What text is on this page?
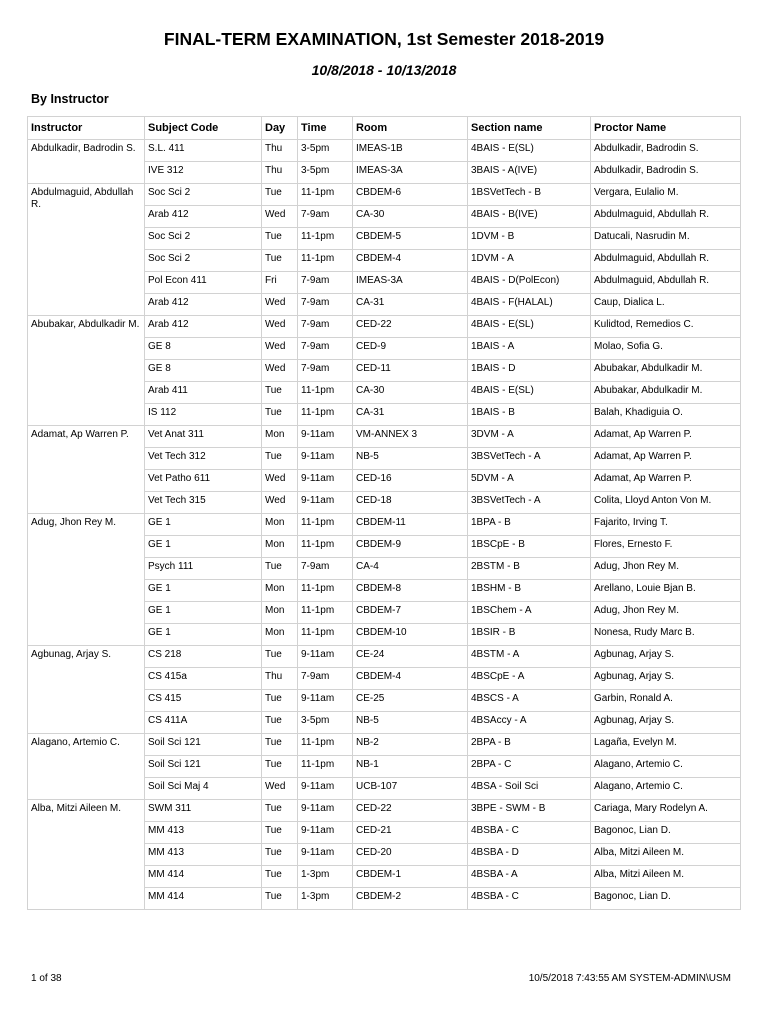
FINAL-TERM EXAMINATION, 1st Semester 2018-2019
10/8/2018 - 10/13/2018
By Instructor
Instructor	Subject Code	Day	Time	Room	Section name	Proctor Name
Abdulkadir, Badrodin S.	S.L. 411	Thu	3-5pm	IMEAS-1B	4BAIS - E(SL)	Abdulkadir, Badrodin S.
	IVE 312	Thu	3-5pm	IMEAS-3A	3BAIS - A(IVE)	Abdulkadir, Badrodin S.
Abdulmaguid, Abdullah R.	Soc Sci 2	Tue	11-1pm	CBDEM-6	1BSVetTech - B	Vergara, Eulalio M.
	Arab 412	Wed	7-9am	CA-30	4BAIS - B(IVE)	Abdulmaguid, Abdullah R.
	Soc Sci 2	Tue	11-1pm	CBDEM-5	1DVM - B	Datucali, Nasrudin M.
	Soc Sci 2	Tue	11-1pm	CBDEM-4	1DVM - A	Abdulmaguid, Abdullah R.
	Pol Econ 411	Fri	7-9am	IMEAS-3A	4BAIS - D(PolEcon)	Abdulmaguid, Abdullah R.
	Arab 412	Wed	7-9am	CA-31	4BAIS - F(HALAL)	Caup, Dialica L.
Abubakar, Abdulkadir M.	Arab 412	Wed	7-9am	CED-22	4BAIS - E(SL)	Kulidtod, Remedios C.
	GE 8	Wed	7-9am	CED-9	1BAIS - A	Molao, Sofia G.
	GE 8	Wed	7-9am	CED-11	1BAIS - D	Abubakar, Abdulkadir M.
	Arab 411	Tue	11-1pm	CA-30	4BAIS - E(SL)	Abubakar, Abdulkadir M.
	IS 112	Tue	11-1pm	CA-31	1BAIS - B	Balah, Khadiguia O.
Adamat, Ap Warren P.	Vet Anat 311	Mon	9-11am	VM-ANNEX 3	3DVM - A	Adamat, Ap Warren P.
	Vet Tech 312	Tue	9-11am	NB-5	3BSVetTech - A	Adamat, Ap Warren P.
	Vet Patho 611	Wed	9-11am	CED-16	5DVM - A	Adamat, Ap Warren P.
	Vet Tech 315	Wed	9-11am	CED-18	3BSVetTech - A	Colita, Lloyd Anton Von M.
Adug, Jhon Rey M.	GE 1	Mon	11-1pm	CBDEM-11	1BPA - B	Fajarito, Irving T.
	GE 1	Mon	11-1pm	CBDEM-9	1BSCpE - B	Flores, Ernesto F.
	Psych 111	Tue	7-9am	CA-4	2BSTM - B	Adug, Jhon Rey M.
	GE 1	Mon	11-1pm	CBDEM-8	1BSHM - B	Arellano, Louie Bjan B.
	GE 1	Mon	11-1pm	CBDEM-7	1BSChem - A	Adug, Jhon Rey M.
	GE 1	Mon	11-1pm	CBDEM-10	1BSIR - B	Nonesa, Rudy Marc B.
Agbunag, Arjay S.	CS 218	Tue	9-11am	CE-24	4BSTM - A	Agbunag, Arjay S.
	CS 415a	Thu	7-9am	CBDEM-4	4BSCpE - A	Agbunag, Arjay S.
	CS 415	Tue	9-11am	CE-25	4BSCS - A	Garbin, Ronald A.
	CS 411A	Tue	3-5pm	NB-5	4BSAccy - A	Agbunag, Arjay S.
Alagano, Artemio C.	Soil Sci 121	Tue	11-1pm	NB-2	2BPA - B	Lagaña, Evelyn M.
	Soil Sci 121	Tue	11-1pm	NB-1	2BPA - C	Alagano, Artemio C.
	Soil Sci Maj 4	Wed	9-11am	UCB-107	4BSA - Soil Sci	Alagano, Artemio C.
Alba, Mitzi Aileen M.	SWM 311	Tue	9-11am	CED-22	3BPE - SWM - B	Cariaga, Mary Rodelyn A.
	MM 413	Tue	9-11am	CED-21	4BSBA - C	Bagonoc, Lian D.
	MM 413	Tue	9-11am	CED-20	4BSBA - D	Alba, Mitzi Aileen M.
	MM 414	Tue	1-3pm	CBDEM-1	4BSBA - A	Alba, Mitzi Aileen M.
	MM 414	Tue	1-3pm	CBDEM-2	4BSBA - C	Bagonoc, Lian D.
1 of 38	10/5/2018 7:43:55 AM SYSTEM-ADMIN\USM
